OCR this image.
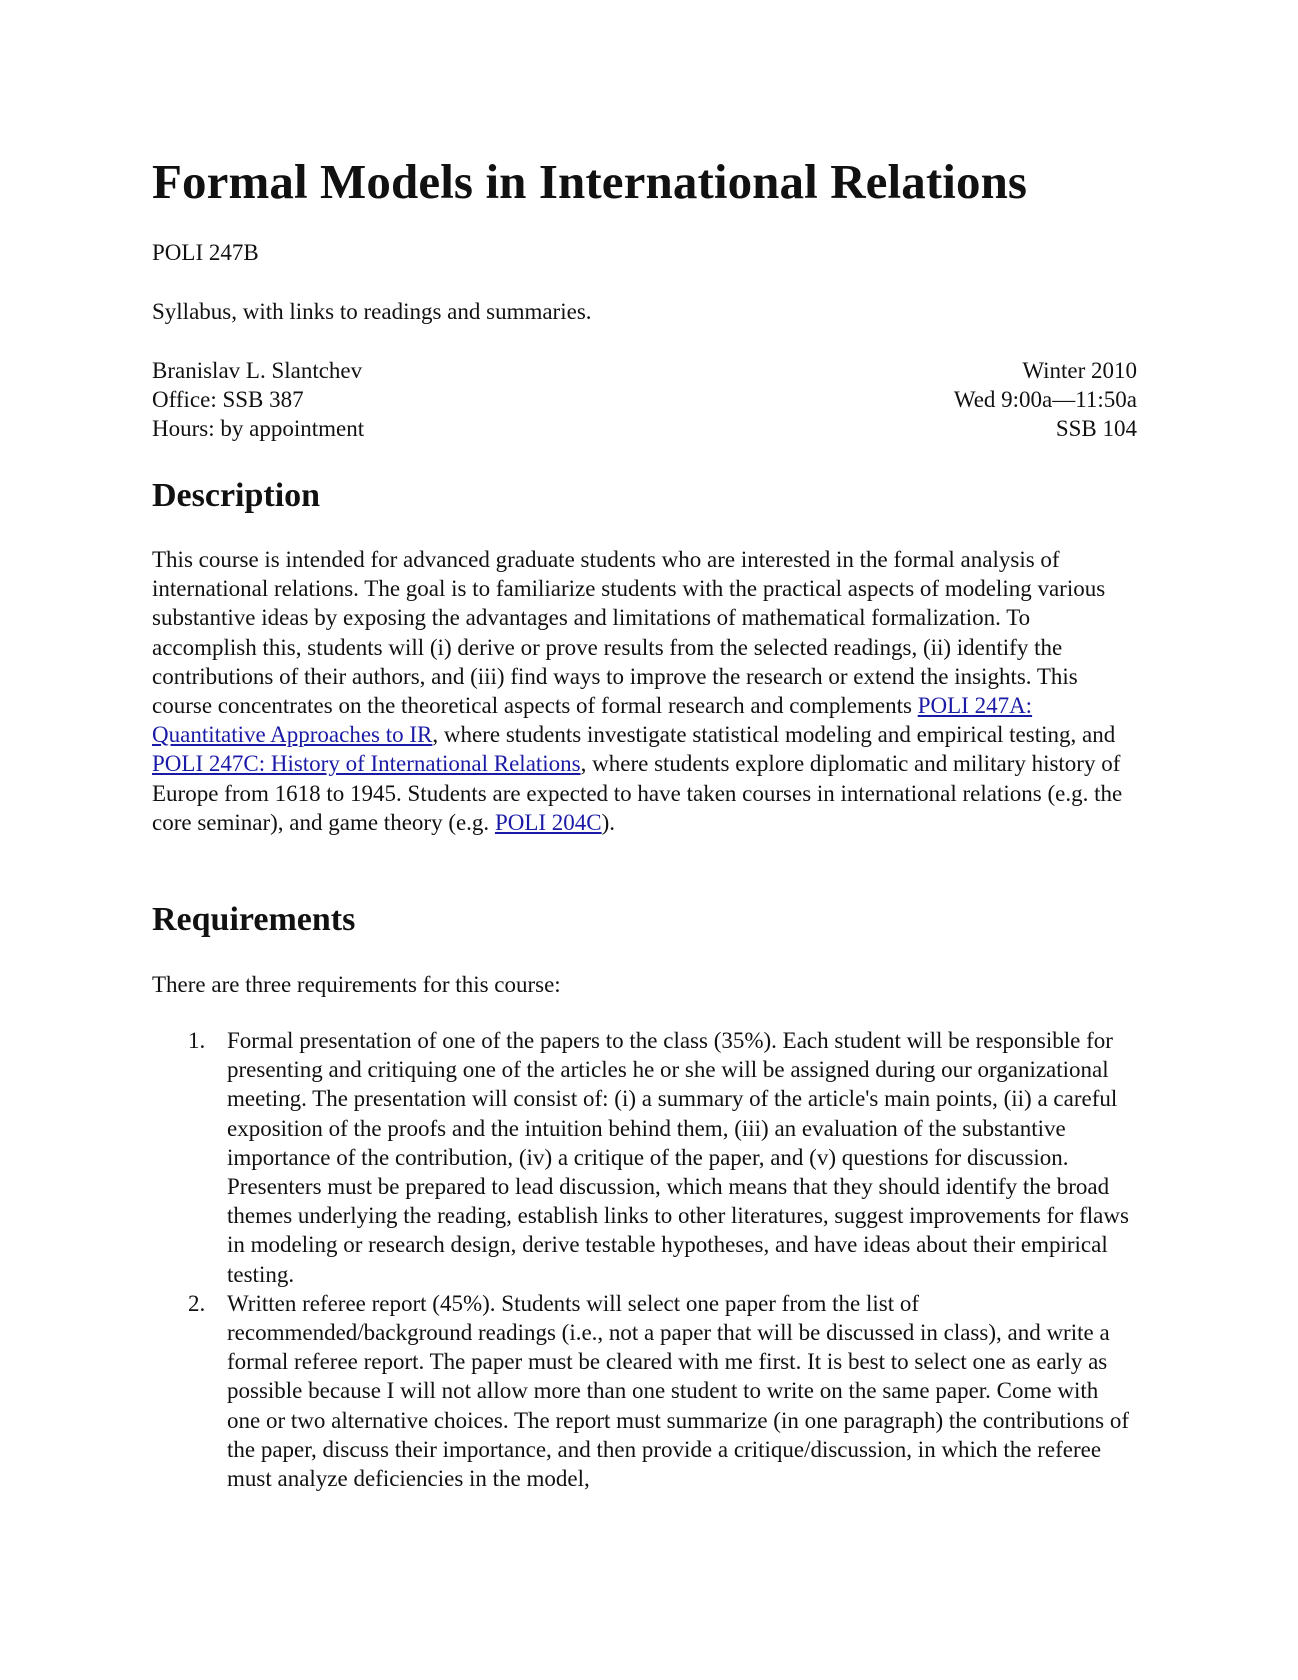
Formal Models in International Relations
POLI 247B
Syllabus, with links to readings and summaries.
Branislav L. Slantchev
Office: SSB 387
Hours: by appointment
Winter 2010
Wed 9:00a—11:50a
SSB 104
Description
This course is intended for advanced graduate students who are interested in the formal analysis of international relations. The goal is to familiarize students with the practical aspects of modeling various substantive ideas by exposing the advantages and limitations of mathematical formalization. To accomplish this, students will (i) derive or prove results from the selected readings, (ii) identify the contributions of their authors, and (iii) find ways to improve the research or extend the insights. This course concentrates on the theoretical aspects of formal research and complements POLI 247A: Quantitative Approaches to IR, where students investigate statistical modeling and empirical testing, and POLI 247C: History of International Relations, where students explore diplomatic and military history of Europe from 1618 to 1945. Students are expected to have taken courses in international relations (e.g. the core seminar), and game theory (e.g. POLI 204C).
Requirements
There are three requirements for this course:
1. Formal presentation of one of the papers to the class (35%). Each student will be responsible for presenting and critiquing one of the articles he or she will be assigned during our organizational meeting. The presentation will consist of: (i) a summary of the article's main points, (ii) a careful exposition of the proofs and the intuition behind them, (iii) an evaluation of the substantive importance of the contribution, (iv) a critique of the paper, and (v) questions for discussion. Presenters must be prepared to lead discussion, which means that they should identify the broad themes underlying the reading, establish links to other literatures, suggest improvements for flaws in modeling or research design, derive testable hypotheses, and have ideas about their empirical testing.
2. Written referee report (45%). Students will select one paper from the list of recommended/background readings (i.e., not a paper that will be discussed in class), and write a formal referee report. The paper must be cleared with me first. It is best to select one as early as possible because I will not allow more than one student to write on the same paper. Come with one or two alternative choices. The report must summarize (in one paragraph) the contributions of the paper, discuss their importance, and then provide a critique/discussion, in which the referee must analyze deficiencies in the model,
